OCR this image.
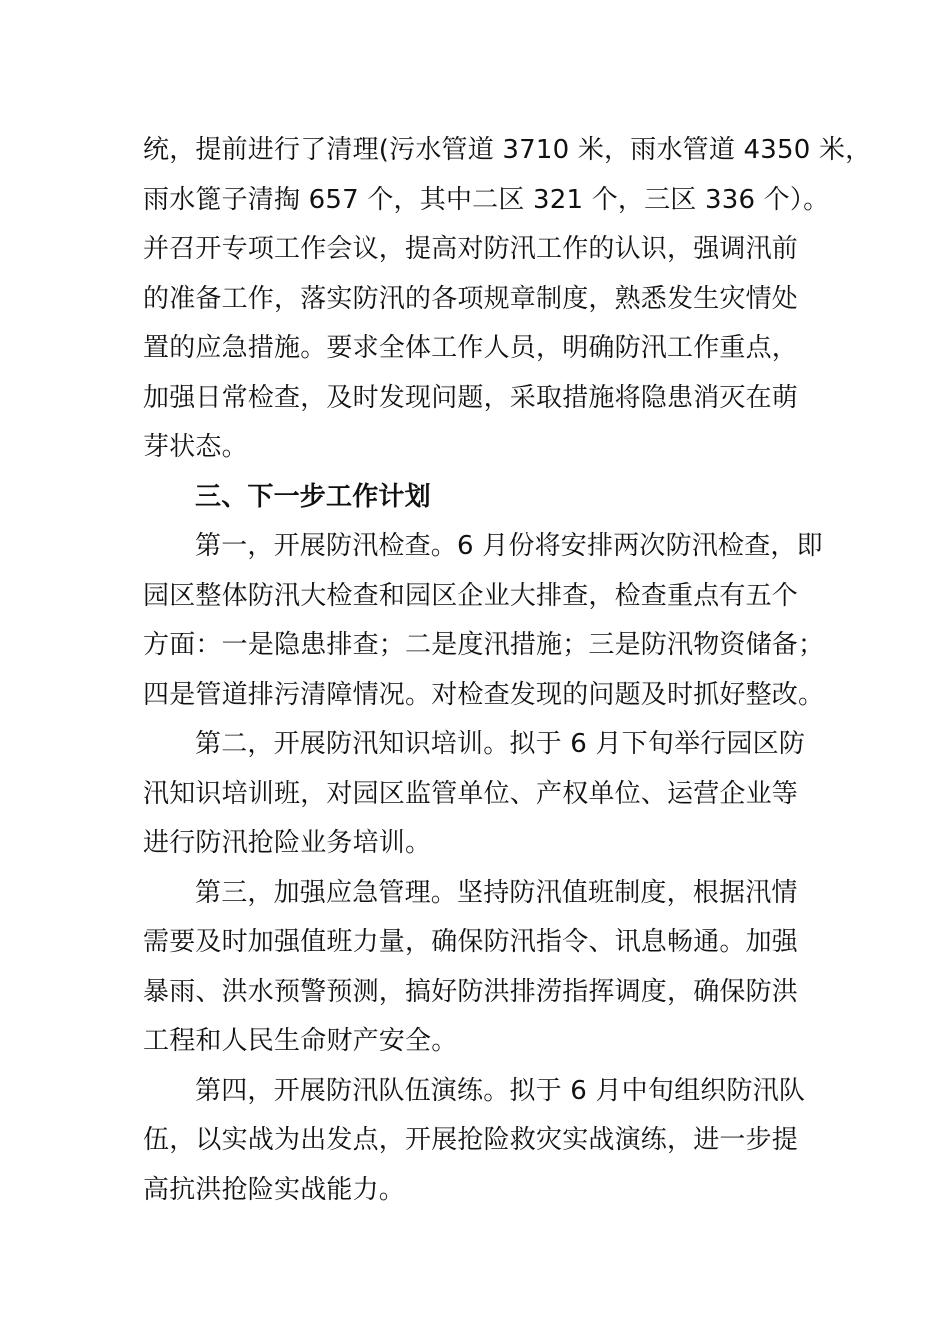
统，提前进行了清理(污水管道 3710 米，雨水管道 4350 米，
雨水篦子清掏 657 个，其中二区 321 个，三区 336 个）。
并召开专项工作会议，提高对防汛工作的认识，强调汛前
的准备工作，落实防汛的各项规章制度，熟悉发生灾情处
置的应急措施。要求全体工作人员，明确防汛工作重点，
加强日常检查，及时发现问题，采取措施将隐患消灭在萌
芽状态。
三、下一步工作计划
第一，开展防汛检查。6 月份将安排两次防汛检查，即
园区整体防汛大检查和园区企业大排查，检查重点有五个
方面：一是隐患排查；二是度汛措施；三是防汛物资储备；
四是管道排污清障情况。对检查发现的问题及时抓好整改。
第二，开展防汛知识培训。拟于 6 月下旬举行园区防
汛知识培训班，对园区监管单位、产权单位、运营企业等
进行防汛抢险业务培训。
第三，加强应急管理。坚持防汛值班制度，根据汛情
需要及时加强值班力量，确保防汛指令、讯息畅通。加强
暴雨、洪水预警预测，搞好防洪排涝指挥调度，确保防洪
工程和人民生命财产安全。
第四，开展防汛队伍演练。拟于 6 月中旬组织防汛队
伍，以实战为出发点，开展抢险救灾实战演练，进一步提
高抗洪抢险实战能力。
